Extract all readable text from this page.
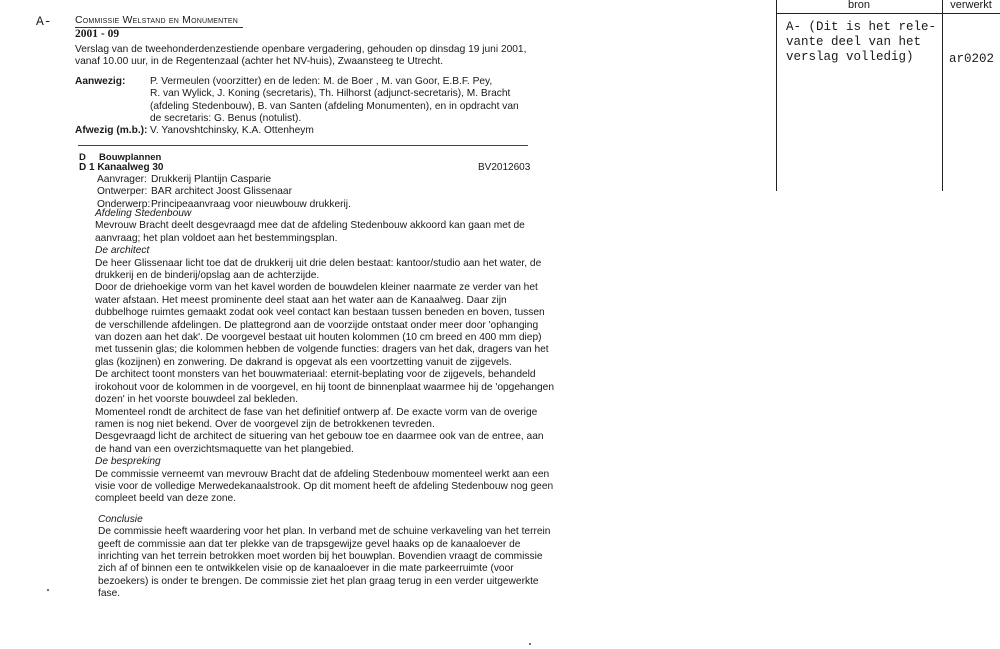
A- Commissie Welstand en Monumenten
2001 - 09
Verslag van de tweehonderdenzestiende openbare vergadering, gehouden op dinsdag 19 juni 2001,
vanaf 10.00 uur, in de Regentenzaal (achter het NV-huis), Zwaansteeg te Utrecht.
Aanwezig: P. Vermeulen (voorzitter) en de leden: M. de Boer , M. van Goor, E.B.F. Pey,
R. van Wylick, J. Koning (secretaris), Th. Hilhorst (adjunct-secretaris), M. Bracht
(afdeling Stedenbouw), B. van Santen (afdeling Monumenten), en in opdracht van
de secretaris: G. Benus (notulist).
Afwezig (m.b.): V. Yanovshtchinsky, K.A. Ottenheym
D     Bouwplannen
D 1 Kanaalweg 30	BV2012603
Aanvrager: Drukkerij Plantijn Casparie
Ontwerper: BAR architect Joost Glissenaar
Onderwerp: Principeaanvraag voor nieuwbouw drukkerij.
Afdeling Stedenbouw
Mevrouw Bracht deelt desgevraagd mee dat de afdeling Stedenbouw akkoord kan gaan met de
aanvraag; het plan voldoet aan het bestemmingsplan.
De architect
De heer Glissenaar licht toe dat de drukkerij uit drie delen bestaat: kantoor/studio aan het water, de
drukkerij en de binderij/opslag aan de achterzijde.
Door de driehoekige vorm van het kavel worden de bouwdelen kleiner naarmate ze verder van het
water afstaan. Het meest prominente deel staat aan het water aan de Kanaalweg. Daar zijn
dubbelhoge ruimtes gemaakt zodat ook veel contact kan bestaan tussen beneden en boven, tussen
de verschillende afdelingen. De plattegrond aan de voorzijde ontstaat onder meer door 'ophanging
van dozen aan het dak'. De voorgevel bestaat uit houten kolommen (10 cm breed en 400 mm diep)
met tussenin glas; die kolommen hebben de volgende functies: dragers van het dak, dragers van het
glas (kozijnen) en zonwering. De dakrand is opgevat als een voortzetting vanuit de zijgevels.
De architect toont monsters van het bouwmateriaal: eternit-beplating voor de zijgevels, behandeld
irokohout voor de kolommen in de voorgevel, en hij toont de binnenplaat waarmee hij de 'opgehangen
dozen' in het voorste bouwdeel zal bekleden.
Momenteel rondt de architect de fase van het definitief ontwerp af. De exacte vorm van de overige
ramen is nog niet bekend. Over de voorgevel zijn de betrokkenen tevreden.
Desgevraagd licht de architect de situering van het gebouw toe en daarmee ook van de entree, aan
de hand van een overzichtsmaquette van het plangebied.
De bespreking
De commissie verneemt van mevrouw Bracht dat de afdeling Stedenbouw momenteel werkt aan een
visie voor de volledige Merwedekanaalstrook. Op dit moment heeft de afdeling Stedenbouw nog geen
compleet beeld van deze zone.
Conclusie
De commissie heeft waardering voor het plan. In verband met de schuine verkaveling van het terrein
geeft de commissie aan dat ter plekke van de trapsgewijze gevel haaks op de kanaaloever de
inrichting van het terrein betrokken moet worden bij het bouwplan. Bovendien vraagt de commissie
zich af of binnen een te ontwikkelen visie op de kanaaloever in die mate parkeerruimte (voor
bezoekers) is onder te brengen. De commissie ziet het plan graag terug in een verder uitgewerkte
fase.
bron	verwerkt
A- (Dit is het rele-
vante deel van het
verslag volledig)	ar0202
